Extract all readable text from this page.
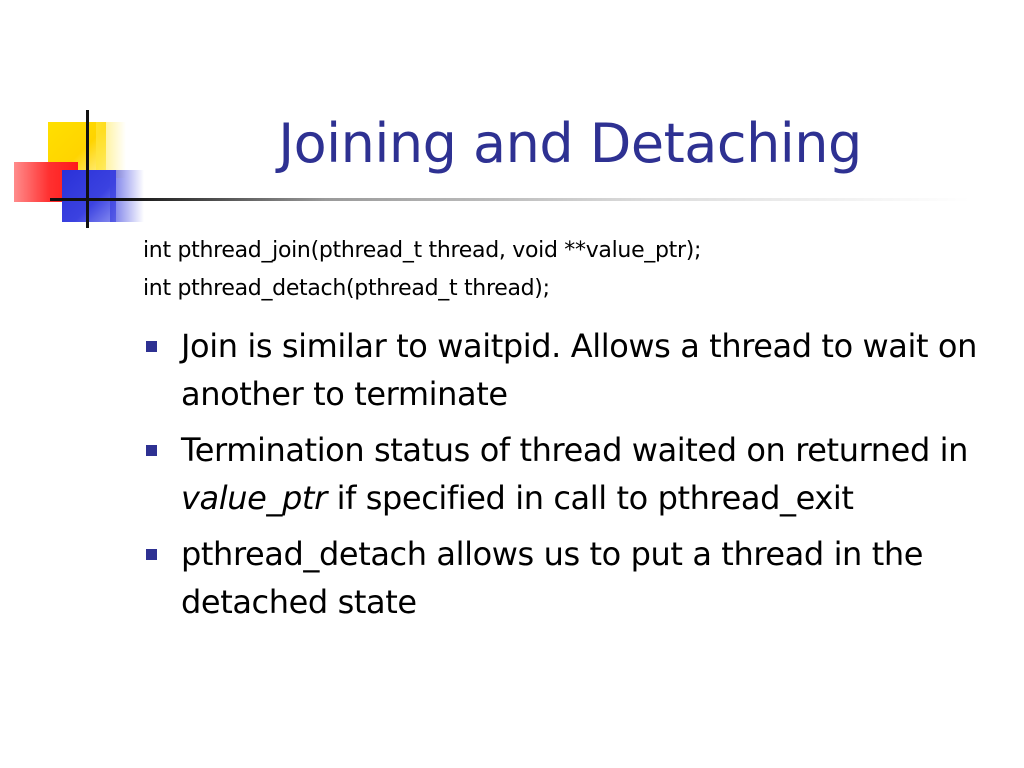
Joining and Detaching
int pthread_join(pthread_t thread, void **value_ptr);
int pthread_detach(pthread_t thread);
Join is similar to waitpid. Allows a thread to wait on another to terminate
Termination status of thread waited on returned in value_ptr if specified in call to pthread_exit
pthread_detach allows us to put a thread in the detached state
